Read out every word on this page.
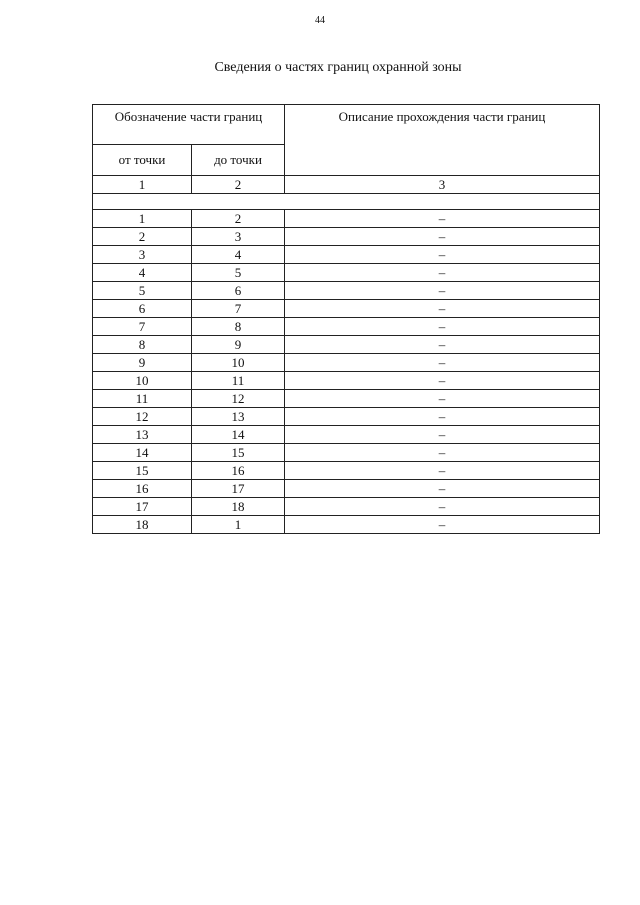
44
Сведения о частях границ охранной зоны
Обозначение части границ		Описание прохождения части границ
от точки	до точки	
1	2	3

1	2	–
2	3	–
3	4	–
4	5	–
5	6	–
6	7	–
7	8	–
8	9	–
9	10	–
10	11	–
11	12	–
12	13	–
13	14	–
14	15	–
15	16	–
16	17	–
17	18	–
18	1	–
